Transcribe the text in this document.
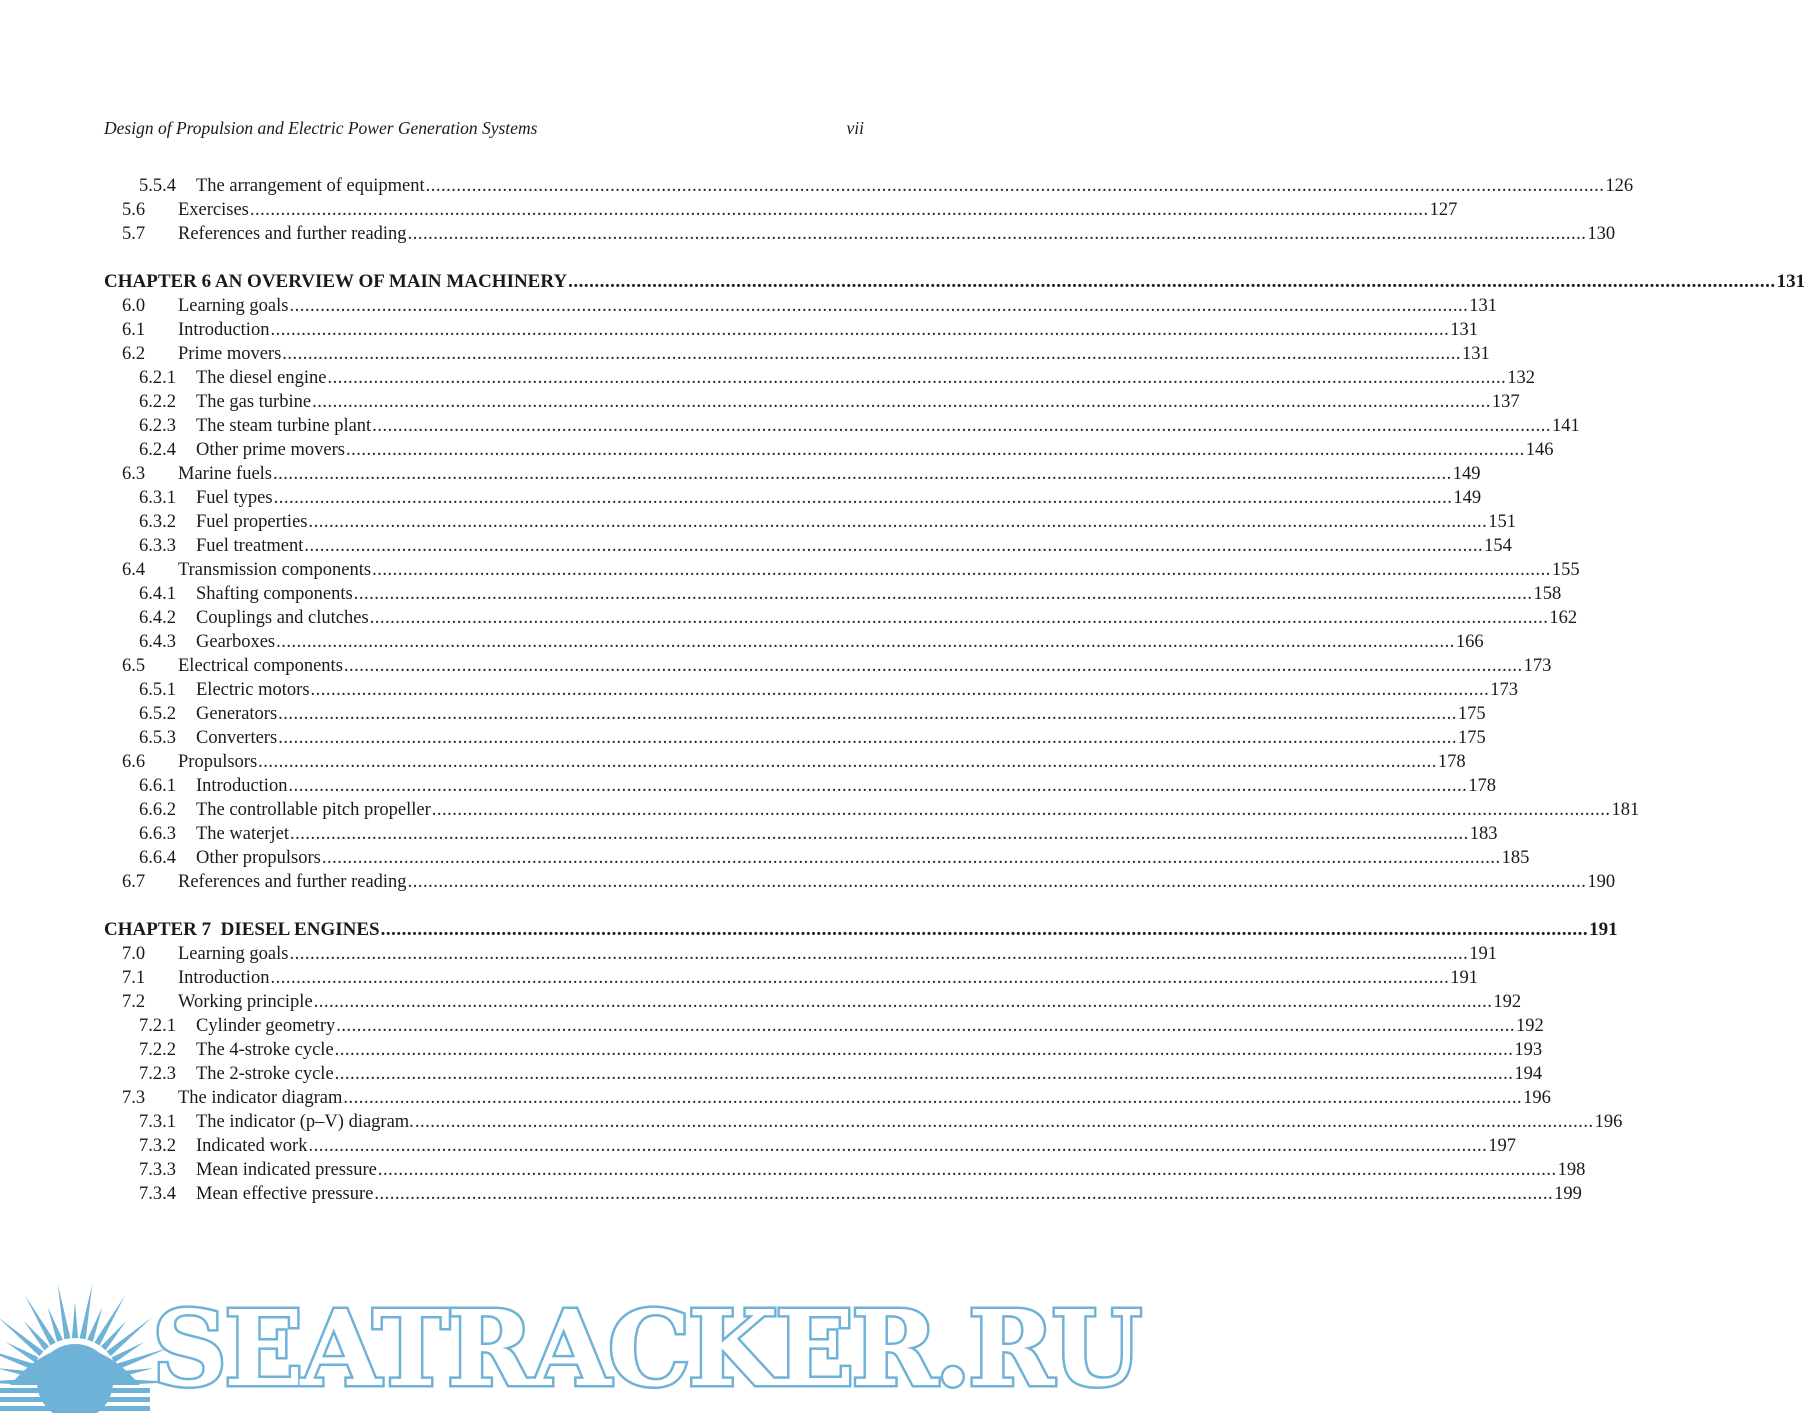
Design of Propulsion and Electric Power Generation Systems	vii
5.5.4	The arrangement of equipment .....	126
5.6	Exercises .....	127
5.7	References and further reading .....	130
CHAPTER 6 AN OVERVIEW OF MAIN MACHINERY .....	131
6.0	Learning goals .....	131
6.1	Introduction .....	131
6.2	Prime movers .....	131
6.2.1	The diesel engine .....	132
6.2.2	The gas turbine .....	137
6.2.3	The steam turbine plant .....	141
6.2.4	Other prime movers .....	146
6.3	Marine fuels .....	149
6.3.1	Fuel types .....	149
6.3.2	Fuel properties .....	151
6.3.3	Fuel treatment .....	154
6.4	Transmission components .....	155
6.4.1	Shafting components .....	158
6.4.2	Couplings and clutches .....	162
6.4.3	Gearboxes .....	166
6.5	Electrical components .....	173
6.5.1	Electric motors .....	173
6.5.2	Generators .....	175
6.5.3	Converters .....	175
6.6	Propulsors .....	178
6.6.1	Introduction .....	178
6.6.2	The controllable pitch propeller .....	181
6.6.3	The waterjet .....	183
6.6.4	Other propulsors .....	185
6.7	References and further reading .....	190
CHAPTER 7  DIESEL ENGINES .....	191
7.0	Learning goals .....	191
7.1	Introduction .....	191
7.2	Working principle .....	192
7.2.1	Cylinder geometry .....	192
7.2.2	The 4-stroke cycle .....	193
7.2.3	The 2-stroke cycle .....	194
7.3	The indicator diagram .....	196
7.3.1	The indicator (p–V) diagram. .....	196
7.3.2	Indicated work .....	197
7.3.3	Mean indicated pressure .....	198
7.3.4	Mean effective pressure .....	199
SEATRACKER.RU
